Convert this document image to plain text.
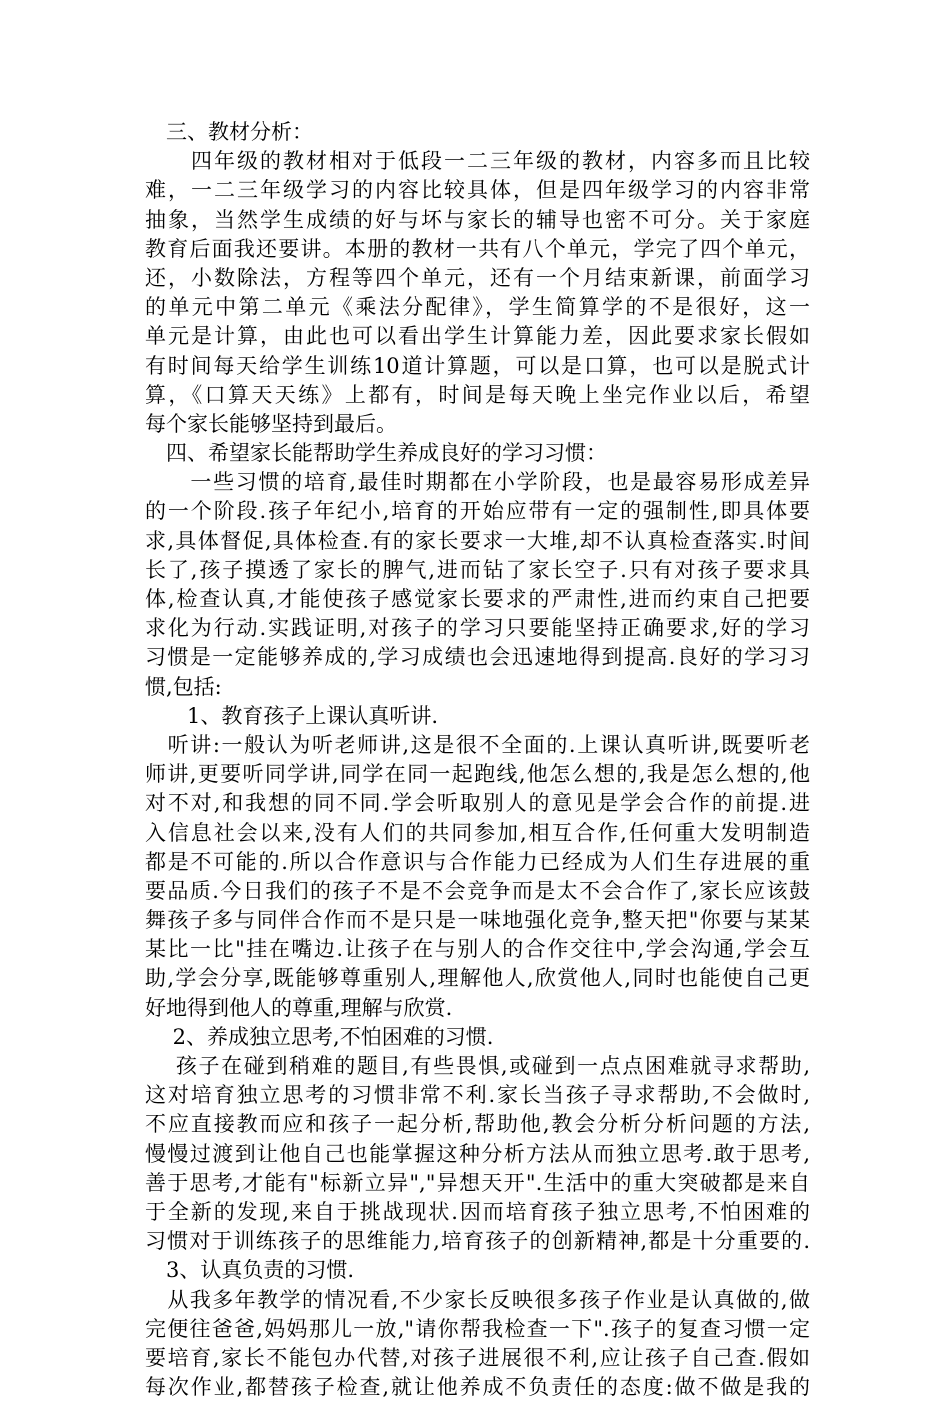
　三、教材分析：
　　四年级的教材相对于低段一二三年级的教材，内容多而且比较
难，一二三年级学习的内容比较具体，但是四年级学习的内容非常
抽象，当然学生成绩的好与坏与家长的辅导也密不可分。关于家庭
教育后面我还要讲。本册的教材一共有八个单元，学完了四个单元，
还，小数除法，方程等四个单元，还有一个月结束新课，前面学习
的单元中第二单元《乘法分配律》，学生简算学的不是很好，这一
单元是计算，由此也可以看出学生计算能力差，因此要求家长假如
有时间每天给学生训练10道计算题，可以是口算，也可以是脱式计
算，《口算天天练》上都有，时间是每天晚上坐完作业以后，希望
每个家长能够坚持到最后。
　四、希望家长能帮助学生养成良好的学习习惯：
　　一些习惯的培育,最佳时期都在小学阶段，也是最容易形成差异
的一个阶段.孩子年纪小,培育的开始应带有一定的强制性,即具体要
求,具体督促,具体检查.有的家长要求一大堆,却不认真检查落实.时间
长了,孩子摸透了家长的脾气,进而钻了家长空子.只有对孩子要求具
体,检查认真,才能使孩子感觉家长要求的严肃性,进而约束自己把要
求化为行动.实践证明,对孩子的学习只要能坚持正确要求,好的学习
习惯是一定能够养成的,学习成绩也会迅速地得到提高.良好的学习习
惯,包括:
　　1、教育孩子上课认真听讲.
　听讲:一般认为听老师讲,这是很不全面的.上课认真听讲,既要听老
师讲,更要听同学讲,同学在同一起跑线,他怎么想的,我是怎么想的,他
对不对,和我想的同不同.学会听取别人的意见是学会合作的前提.进
入信息社会以来,没有人们的共同参加,相互合作,任何重大发明制造
都是不可能的.所以合作意识与合作能力已经成为人们生存进展的重
要品质.今日我们的孩子不是不会竞争而是太不会合作了,家长应该鼓
舞孩子多与同伴合作而不是只是一味地强化竞争,整天把"你要与某某
某比一比"挂在嘴边.让孩子在与别人的合作交往中,学会沟通,学会互
助,学会分享,既能够尊重别人,理解他人,欣赏他人,同时也能使自己更
好地得到他人的尊重,理解与欣赏.
　 2、养成独立思考,不怕困难的习惯.
　 孩子在碰到稍难的题目,有些畏惧,或碰到一点点困难就寻求帮助,
这对培育独立思考的习惯非常不利.家长当孩子寻求帮助,不会做时,
不应直接教而应和孩子一起分析,帮助他,教会分析分析问题的方法,
慢慢过渡到让他自己也能掌握这种分析方法从而独立思考.敢于思考,
善于思考,才能有"标新立异","异想天开".生活中的重大突破都是来自
于全新的发现,来自于挑战现状.因而培育孩子独立思考,不怕困难的
习惯对于训练孩子的思维能力,培育孩子的创新精神,都是十分重要的.
　3、认真负责的习惯.
　从我多年教学的情况看,不少家长反映很多孩子作业是认真做的,做
完便往爸爸,妈妈那儿一放,"请你帮我检查一下".孩子的复查习惯一定
要培育,家长不能包办代替,对孩子进展很不利,应让孩子自己查.假如
每次作业,都替孩子检查,就让他养成不负责任的态度:做不做是我的
